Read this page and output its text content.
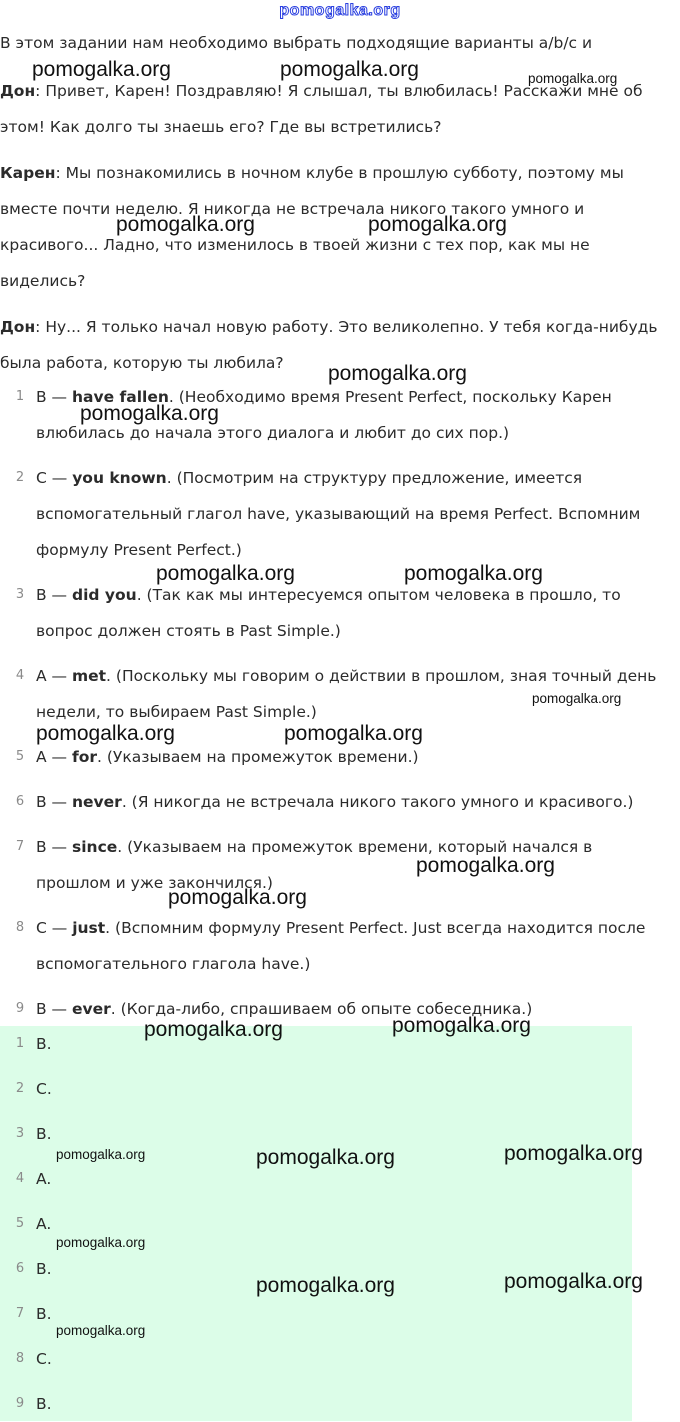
pomogalka.org
В этом задании нам необходимо выбрать подходящие варианты a/b/c и
Дон: Привет, Карен! Поздравляю! Я слышал, ты влюбилась! Расскажи мне об
этом! Как долго ты знаешь его? Где вы встретились?
Карен: Мы познакомились в ночном клубе в прошлую субботу, поэтому мы
вместе почти неделю. Я никогда не встречала никого такого умного и
красивого... Ладно, что изменилось в твоей жизни с тех пор, как мы не
виделись?
Дон: Ну... Я только начал новую работу. Это великолепно. У тебя когда-нибудь
была работа, которую ты любила?
1 B — have fallen. (Необходимо время Present Perfect, поскольку Карен
влюбилась до начала этого диалога и любит до сих пор.)
2 C — you known. (Посмотрим на структуру предложение, имеется
вспомогательный глагол have, указывающий на время Perfect. Вспомним
формулу Present Perfect.)
3 B — did you. (Так как мы интересуемся опытом человека в прошло, то
вопрос должен стоять в Past Simple.)
4 A — met. (Поскольку мы говорим о действии в прошлом, зная точный день
недели, то выбираем Past Simple.)
5 A — for. (Указываем на промежуток времени.)
6 B — never. (Я никогда не встречала никого такого умного и красивого.)
7 B — since. (Указываем на промежуток времени, который начался в
прошлом и уже закончился.)
8 C — just. (Вспомним формулу Present Perfect. Just всегда находится после
вспомогательного глагола have.)
9 B — ever. (Когда-либо, спрашиваем об опыте собеседника.)
1 B.
2 C.
3 B.
4 A.
5 A.
6 B.
7 B.
8 C.
9 B.
pomogalka.org	pomogalka.org	pomogalka.org
pomogalka.org	pomogalka.org
pomogalka.org
pomogalka.org
pomogalka.org	pomogalka.org
pomogalka.org
pomogalka.org	pomogalka.org
pomogalka.org
pomogalka.org
pomogalka.org	pomogalka.org
pomogalka.org	pomogalka.org	pomogalka.org
pomogalka.org
pomogalka.org	pomogalka.org
pomogalka.org
